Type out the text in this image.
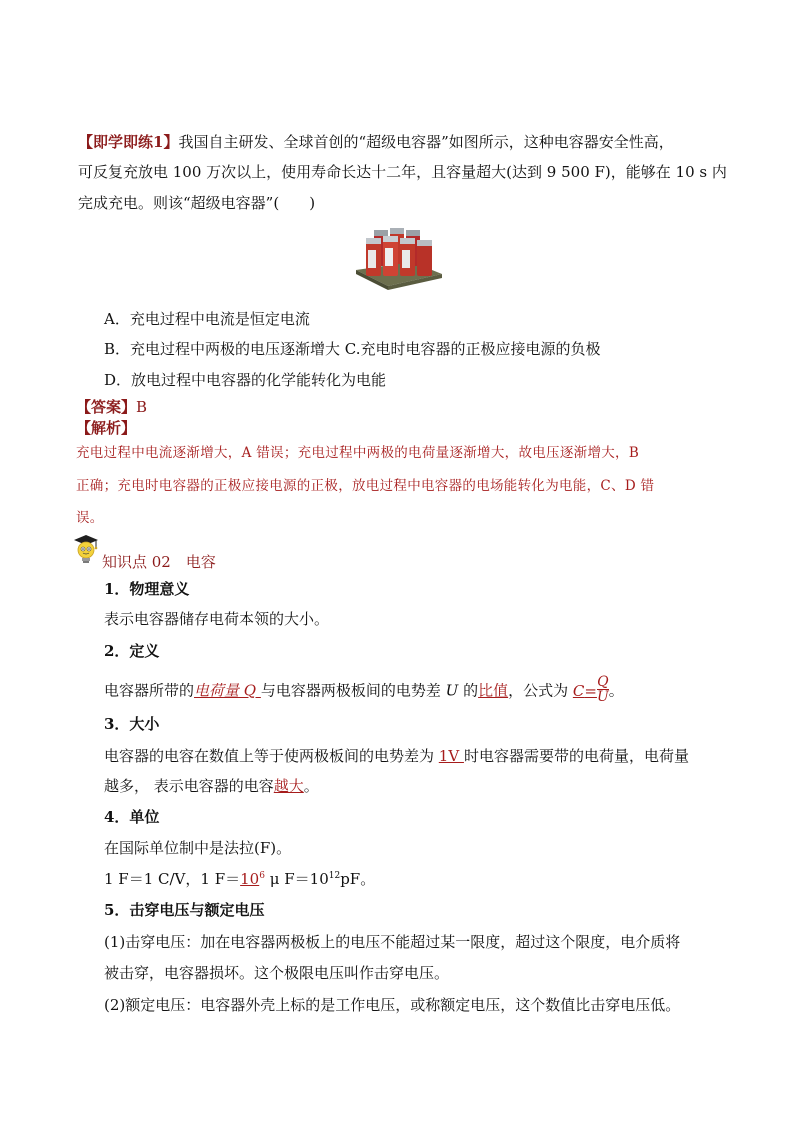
【即学即练1】我国自主研发、全球首创的“超级电容器”如图所示，这种电容器安全性高，
可反复充放电 100 万次以上，使用寿命长达十二年，且容量超大(达到 9 500 F)，能够在 10 s 内
完成充电。则该“超级电容器”(　　)
A．充电过程中电流是恒定电流
B．充电过程中两极的电压逐渐增大 C.充电时电容器的正极应接电源的负极
D．放电过程中电容器的化学能转化为电能
【答案】B
【解析】
充电过程中电流逐渐增大，A 错误；充电过程中两极的电荷量逐渐增大，故电压逐渐增大，B
正确；充电时电容器的正极应接电源的正极，放电过程中电容器的电场能转化为电能，C、D 错
误。
知识点 02　电容
1．物理意义
表示电容器储存电荷本领的大小。
2．定义
电容器所带的电荷量 Q 与电容器两极板间的电势差 U 的比值，公式为 $C= \frac{Q}{U}$ 。
3．大小
电容器的电容在数值上等于使两极板间的电势差为 1V 时电容器需要带的电荷量，电荷量
越多， 表示电容器的电容越大。
4．单位
在国际单位制中是法拉(F)。
1 F＝1 C/V，1 $F=10^6$ μ $F=10^{12}pF$。
5．击穿电压与额定电压
(1)击穿电压：加在电容器两极板上的电压不能超过某一限度，超过这个限度，电介质将
被击穿，电容器损坏。这个极限电压叫作击穿电压。
(2)额定电压：电容器外壳上标的是工作电压，或称额定电压，这个数值比击穿电压低。
